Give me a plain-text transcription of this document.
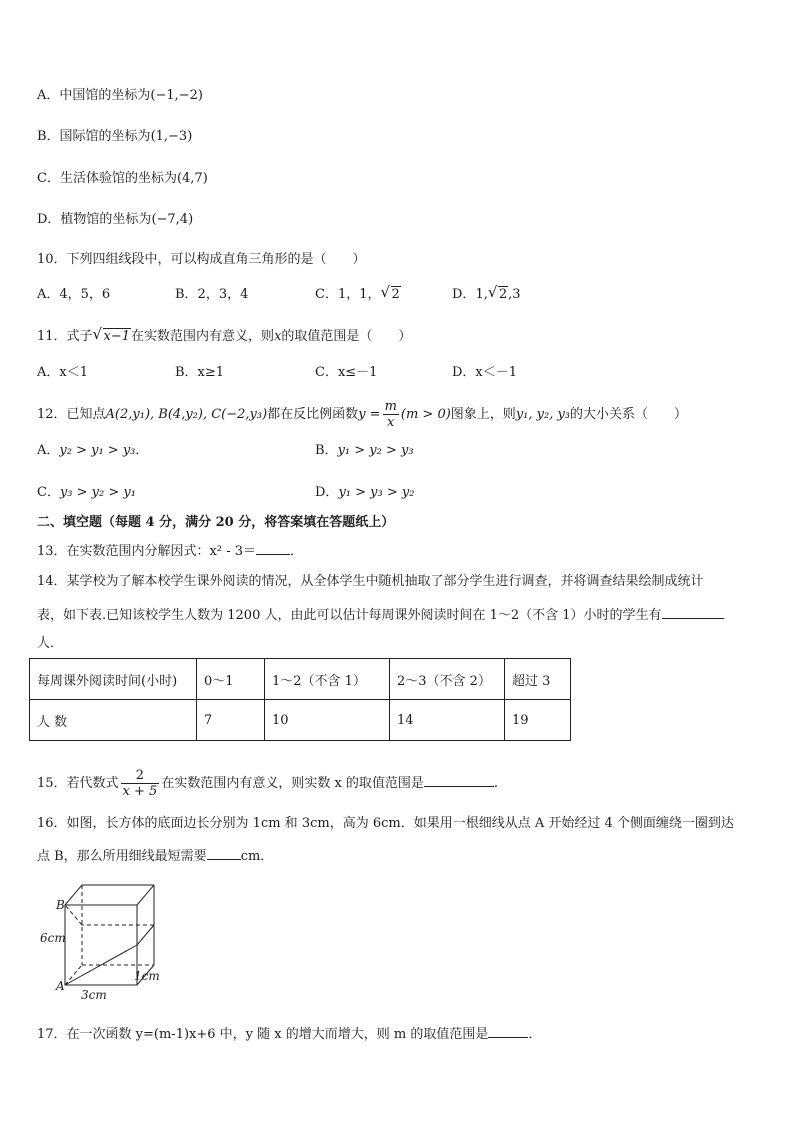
A．中国馆的坐标为(−1,−2)
B．国际馆的坐标为(1,−3)
C．生活体验馆的坐标为(4,7)
D．植物馆的坐标为(−7,4)
10．下列四组线段中，可以构成直角三角形的是（　　）
A．4，5，6	B．2，3，4	C．1，1， √ 2	D．1, √ 2,3
11．式子 √ x−1在实数范围内有意义，则x的取值范围是（　　）
A．x＜1	B．x≥1	C．x≤－1	D．x＜－1
12．已知点A(2,y₁), B(4,y₂), C(−2,y₃)都在反比例函数$y = \frac{m}{x} (m > 0)$图象上，则y₁, y₂, y₃的大小关系（　　）
A．y₂ > y₁ > y₃．	B．y₁ > y₂ > y₃
C．y₃ > y₂ > y₁	D．y₁ > y₃ > y₂
二、填空题（每题 4 分，满分 20 分，将答案填在答题纸上）
13．在实数范围内分解因式：x² - 3＝	．
14．某学校为了解本校学生课外阅读的情况，从全体学生中随机抽取了部分学生进行调查，并将调查结果绘制成统计
表，如下表.已知该校学生人数为 1200 人，由此可以估计每周课外阅读时间在 1～2（不含 1）小时的学生有
人．
每周课外阅读时间(小时)	0～1	1～2（不含 1）	2～3（不含 2）	超过 3
人 数	7	10	14	19
15．若代数式 $\frac{2}{x + 5}$ 在实数范围内有意义，则实数 x 的取值范围是	.
16．如图，长方体的底面边长分别为 1cm 和 3cm，高为 6cm．如果用一根细线从点 A 开始经过 4 个侧面缠绕一圈到达
点 B，那么所用细线最短需要	cm．
B
A
6cm
3cm
1cm
17．在一次函数 y=(m-1)x+6 中，y 随 x 的增大而增大，则 m 的取值范围是	．
